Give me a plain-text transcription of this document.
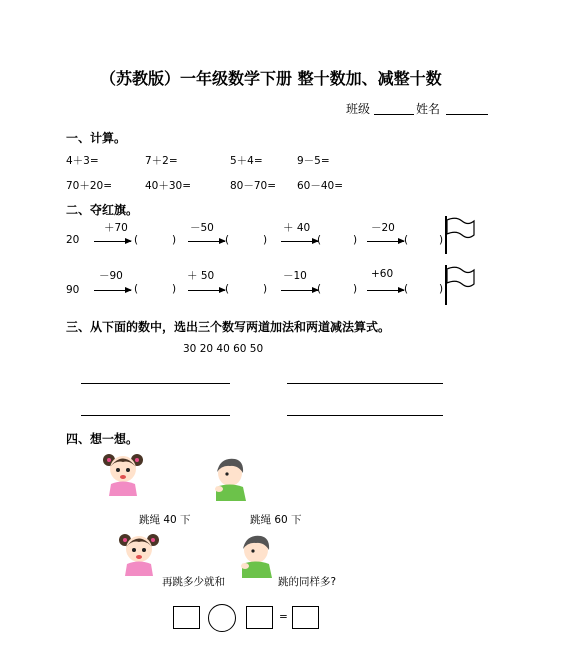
（苏教版）一年级数学下册 整十数加、减整十数
班级	姓名
一、计算。
4＋3=	7＋2=	5＋4=	9－5=
70＋20=	40＋30=	80－70= 60－40=
二、夺红旗。
20
＋70
(	)
－50
(	)
＋ 40
(	)
－20
(	)
90
－90
(	)
＋ 50
(	)
－10
(	)
+60
(	)
三、从下面的数中，选出三个数写两道加法和两道减法算式。
30 20 40 60 50
四、想一想。
跳绳 40 下	跳绳 60 下
再跳多少就和	跳的同样多?
=
